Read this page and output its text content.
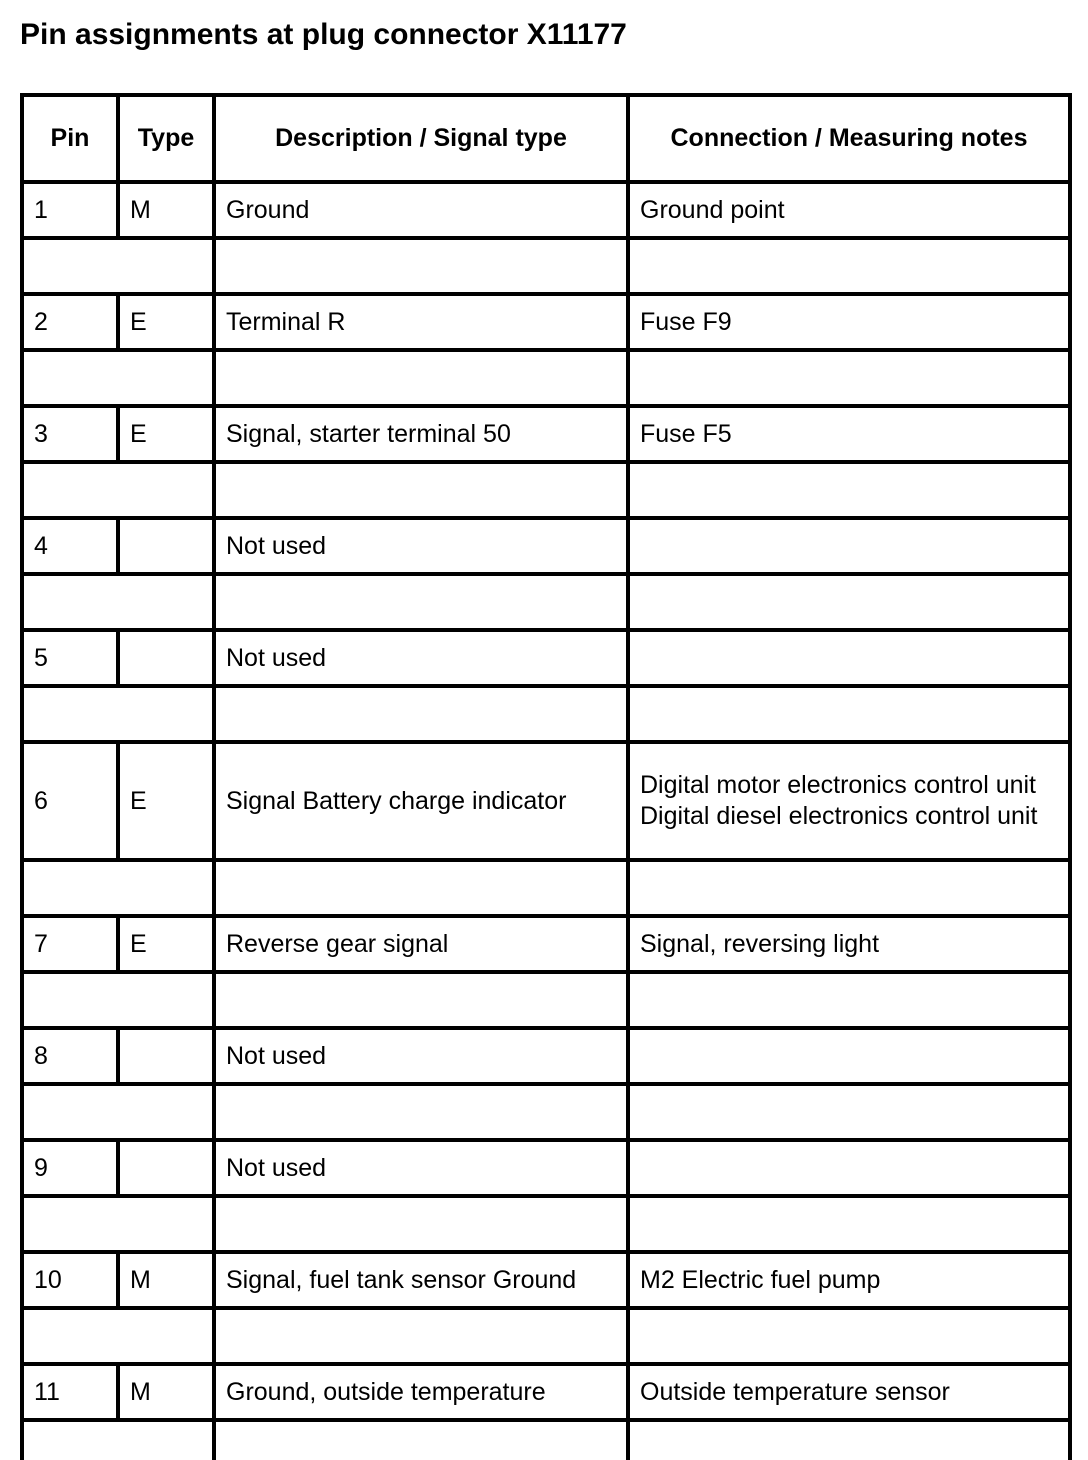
Pin assignments at plug connector X11177
Pin	Type	Description / Signal type	Connection / Measuring notes
1	M	Ground	Ground point

2	E	Terminal R	Fuse F9

3	E	Signal, starter terminal 50	Fuse F5

4		Not used	

5		Not used	

6	E	Signal Battery charge indicator	Digital motor electronics control unit Digital diesel electronics control unit

7	E	Reverse gear signal	Signal, reversing light

8		Not used	

9		Not used	

10	M	Signal, fuel tank sensor Ground	M2 Electric fuel pump

11	M	Ground, outside temperature	Outside temperature sensor
